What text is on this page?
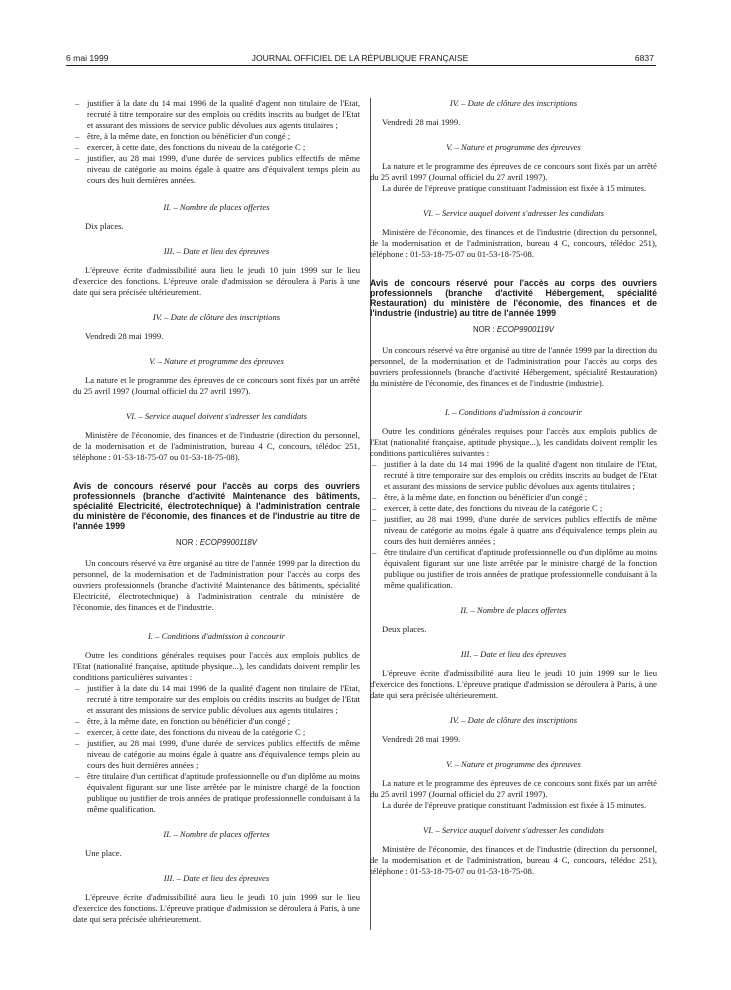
6 mai 1999	JOURNAL OFFICIEL DE LA RÉPUBLIQUE FRANÇAISE	6837
– justifier à la date du 14 mai 1996 de la qualité d'agent non titulaire de l'Etat, recruté à titre temporaire sur des emplois ou crédits inscrits au budget de l'Etat et assurant des missions de service public dévolues aux agents titulaires ;
– être, à la même date, en fonction ou bénéficier d'un congé ;
– exercer, à cette date, des fonctions du niveau de la catégorie C ;
– justifier, au 28 mai 1999, d'une durée de services publics effectifs de même niveau de catégorie au moins égale à quatre ans d'équivalent temps plein au cours des huit dernières années.

II. – Nombre de places offertes

Dix places.

III. – Date et lieu des épreuves

L'épreuve écrite d'admissibilité aura lieu le jeudi 10 juin 1999 sur le lieu d'exercice des fonctions. L'épreuve orale d'admission se déroulera à Paris à une date qui sera précisée ultérieurement.

IV. – Date de clôture des inscriptions

Vendredi 28 mai 1999.

V. – Nature et programme des épreuves

La nature et le programme des épreuves de ce concours sont fixés par un arrêté du 25 avril 1997 (Journal officiel du 27 avril 1997).

VI. – Service auquel doivent s'adresser les candidats

Ministère de l'économie, des finances et de l'industrie (direction du personnel, de la modernisation et de l'administration, bureau 4 C, concours, télédoc 251, téléphone : 01-53-18-75-07 ou 01-53-18-75-08).

Avis de concours réservé pour l'accès au corps des ouvriers professionnels (branche d'activité Maintenance des bâtiments, spécialité Electricité, électrotechnique) à l'administration centrale du ministère de l'économie, des finances et de l'industrie au titre de l'année 1999

NOR : ECOP9900118V

Un concours réservé va être organisé au titre de l'année 1999 par la direction du personnel, de la modernisation et de l'administration pour l'accès au corps des ouvriers professionnels (branche d'activité Maintenance des bâtiments, spécialité Electricité, électrotechnique) à l'administration centrale du ministère de l'économie, des finances et de l'industrie.

I. – Conditions d'admission à concourir

Outre les conditions générales requises pour l'accès aux emplois publics de l'Etat (nationalité française, aptitude physique...), les candidats doivent remplir les conditions particulières suivantes :

– justifier à la date du 14 mai 1996 de la qualité d'agent non titulaire de l'Etat, recruté à titre temporaire sur des emplois ou crédits inscrits au budget de l'Etat et assurant des missions de service public dévolues aux agents titulaires ;
– être, à la même date, en fonction ou bénéficier d'un congé ;
– exercer, à cette date, des fonctions du niveau de la catégorie C ;
– justifier, au 28 mai 1999, d'une durée de services publics effectifs de même niveau de catégorie au moins égale à quatre ans d'équivalence temps plein au cours des huit dernières années ;
– être titulaire d'un certificat d'aptitude professionnelle ou d'un diplôme au moins équivalent figurant sur une liste arrêtée par le ministre chargé de la fonction publique ou justifier de trois années de pratique professionnelle conduisant à la même qualification.

II. – Nombre de places offertes

Une place.

III. – Date et lieu des épreuves

L'épreuve écrite d'admissibilité aura lieu le jeudi 10 juin 1999 sur le lieu d'exercice des fonctions. L'épreuve pratique d'admission se déroulera à Paris, à une date qui sera précisée ultérieurement.

IV. – Date de clôture des inscriptions

Vendredi 28 mai 1999.

V. – Nature et programme des épreuves

La nature et le programme des épreuves de ce concours sont fixés par un arrêté du 25 avril 1997 (Journal officiel du 27 avril 1997).

La durée de l'épreuve pratique constituant l'admission est fixée à 15 minutes.

VI. – Service auquel doivent s'adresser les candidats

Ministère de l'économie, des finances et de l'industrie (direction du personnel, de la modernisation et de l'administration, bureau 4 C, concours, télédoc 251), téléphone : 01-53-18-75-07 ou 01-53-18-75-08.

Avis de concours réservé pour l'accès au corps des ouvriers professionnels (branche d'activité Hébergement, spécialité Restauration) du ministère de l'économie, des finances et de l'industrie (industrie) au titre de l'année 1999

NOR : ECOP9900119V

Un concours réservé va être organisé au titre de l'année 1999 par la direction du personnel, de la modernisation et de l'administration pour l'accès au corps des ouvriers professionnels (branche d'activité Hébergement, spécialité Restauration) du ministère de l'économie, des finances et de l'industrie (industrie).

I. – Conditions d'admission à concourir

Outre les conditions générales requises pour l'accès aux emplois publics de l'Etat (nationalité française, aptitude physique...), les candidats doivent remplir les conditions particulières suivantes :

– justifier à la date du 14 mai 1996 de la qualité d'agent non titulaire de l'Etat, recruté à titre temporaire sur des emplois ou crédits inscrits au budget de l'Etat et assurant des missions de service public dévolues aux agents titulaires ;
– être, à la même date, en fonction ou bénéficier d'un congé ;
– exercer, à cette date, des fonctions du niveau de la catégorie C ;
– justifier, au 28 mai 1999, d'une durée de services publics effectifs de même niveau de catégorie au moins égale à quatre ans d'équivalence temps plein au cours des huit dernières années ;
– être titulaire d'un certificat d'aptitude professionnelle ou d'un diplôme au moins équivalent figurant sur une liste arrêtée par le ministre chargé de la fonction publique ou justifier de trois années de pratique professionnelle conduisant à la même qualification.

II. – Nombre de places offertes

Deux places.

III. – Date et lieu des épreuves

L'épreuve écrite d'admissibilité aura lieu le jeudi 10 juin 1999 sur le lieu d'exercice des fonctions. L'épreuve pratique d'admission se déroulera à Paris, à une date qui sera précisée ultérieurement.

IV. – Date de clôture des inscriptions

Vendredi 28 mai 1999.

V. – Nature et programme des épreuves

La nature et le programme des épreuves de ce concours sont fixés par un arrêté du 25 avril 1997 (Journal officiel du 27 avril 1997).

La durée de l'épreuve pratique constituant l'admission est fixée à 15 minutes.

VI. – Service auquel doivent s'adresser les candidats

Ministère de l'économie, des finances et de l'industrie (direction du personnel, de la modernisation et de l'administration, bureau 4 C, concours, télédoc 251), téléphone : 01-53-18-75-07 ou 01-53-18-75-08.
